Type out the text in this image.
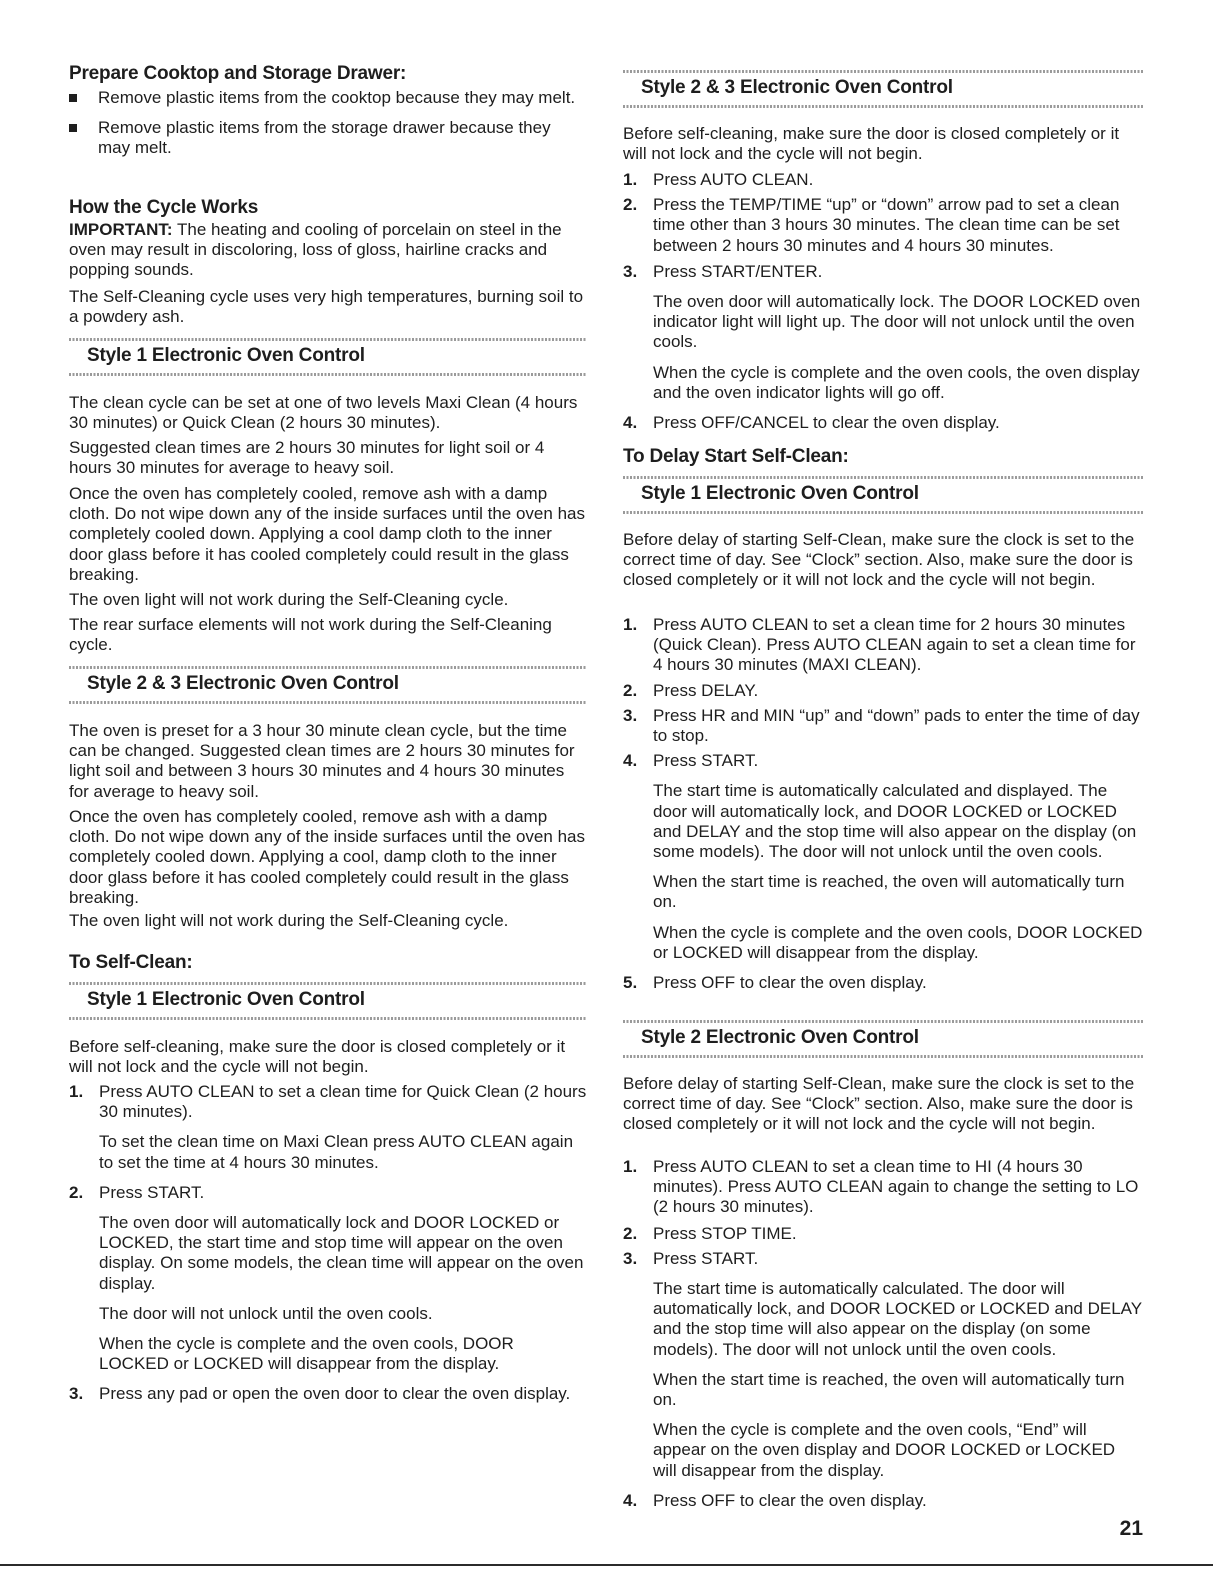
Prepare Cooktop and Storage Drawer:
Remove plastic items from the cooktop because they may melt.
Remove plastic items from the storage drawer because they may melt.
How the Cycle Works

IMPORTANT: The heating and cooling of porcelain on steel in the oven may result in discoloring, loss of gloss, hairline cracks and popping sounds.

The Self-Cleaning cycle uses very high temperatures, burning soil to a powdery ash.

Style 1 Electronic Oven Control

The clean cycle can be set at one of two levels Maxi Clean (4 hours 30 minutes) or Quick Clean (2 hours 30 minutes).

Suggested clean times are 2 hours 30 minutes for light soil or 4 hours 30 minutes for average to heavy soil.

Once the oven has completely cooled, remove ash with a damp cloth. Do not wipe down any of the inside surfaces until the oven has completely cooled down. Applying a cool damp cloth to the inner door glass before it has cooled completely could result in the glass breaking.

The oven light will not work during the Self-Cleaning cycle.

The rear surface elements will not work during the Self-Cleaning cycle.

Style 2 & 3 Electronic Oven Control

The oven is preset for a 3 hour 30 minute clean cycle, but the time can be changed. Suggested clean times are 2 hours 30 minutes for light soil and between 3 hours 30 minutes and 4 hours 30 minutes for average to heavy soil.

Once the oven has completely cooled, remove ash with a damp cloth. Do not wipe down any of the inside surfaces until the oven has completely cooled down. Applying a cool, damp cloth to the inner door glass before it has cooled completely could result in the glass breaking.

The oven light will not work during the Self-Cleaning cycle.

To Self-Clean:
Style 1 Electronic Oven Control

Before self-cleaning, make sure the door is closed completely or it will not lock and the cycle will not begin.

1. Press AUTO CLEAN to set a clean time for Quick Clean (2 hours 30 minutes).

To set the clean time on Maxi Clean press AUTO CLEAN again to set the time at 4 hours 30 minutes.

2. Press START.

The oven door will automatically lock and DOOR LOCKED or LOCKED, the start time and stop time will appear on the oven display. On some models, the clean time will appear on the oven display.

The door will not unlock until the oven cools.

When the cycle is complete and the oven cools, DOOR LOCKED or LOCKED will disappear from the display.

3. Press any pad or open the oven door to clear the oven display.

Style 2 & 3 Electronic Oven Control

Before self-cleaning, make sure the door is closed completely or it will not lock and the cycle will not begin.

1. Press AUTO CLEAN.

2. Press the TEMP/TIME “up” or “down” arrow pad to set a clean time other than 3 hours 30 minutes. The clean time can be set between 2 hours 30 minutes and 4 hours 30 minutes.

3. Press START/ENTER.

The oven door will automatically lock. The DOOR LOCKED oven indicator light will light up. The door will not unlock until the oven cools.

When the cycle is complete and the oven cools, the oven display and the oven indicator lights will go off.

4. Press OFF/CANCEL to clear the oven display.

To Delay Start Self-Clean:
Style 1 Electronic Oven Control

Before delay of starting Self-Clean, make sure the clock is set to the correct time of day. See “Clock” section. Also, make sure the door is closed completely or it will not lock and the cycle will not begin.

1. Press AUTO CLEAN to set a clean time for 2 hours 30 minutes (Quick Clean). Press AUTO CLEAN again to set a clean time for 4 hours 30 minutes (MAXI CLEAN).

2. Press DELAY.

3. Press HR and MIN “up” and “down” pads to enter the time of day to stop.

4. Press START.

The start time is automatically calculated and displayed. The door will automatically lock, and DOOR LOCKED or LOCKED and DELAY and the stop time will also appear on the display (on some models). The door will not unlock until the oven cools.

When the start time is reached, the oven will automatically turn on.

When the cycle is complete and the oven cools, DOOR LOCKED or LOCKED will disappear from the display.

5. Press OFF to clear the oven display.

Style 2 Electronic Oven Control

Before delay of starting Self-Clean, make sure the clock is set to the correct time of day. See “Clock” section. Also, make sure the door is closed completely or it will not lock and the cycle will not begin.

1. Press AUTO CLEAN to set a clean time to HI (4 hours 30 minutes). Press AUTO CLEAN again to change the setting to LO (2 hours 30 minutes).

2. Press STOP TIME.

3. Press START.

The start time is automatically calculated. The door will automatically lock, and DOOR LOCKED or LOCKED and DELAY and the stop time will also appear on the display (on some models). The door will not unlock until the oven cools.

When the start time is reached, the oven will automatically turn on.

When the cycle is complete and the oven cools, “End” will appear on the oven display and DOOR LOCKED or LOCKED will disappear from the display.

4. Press OFF to clear the oven display.

21
